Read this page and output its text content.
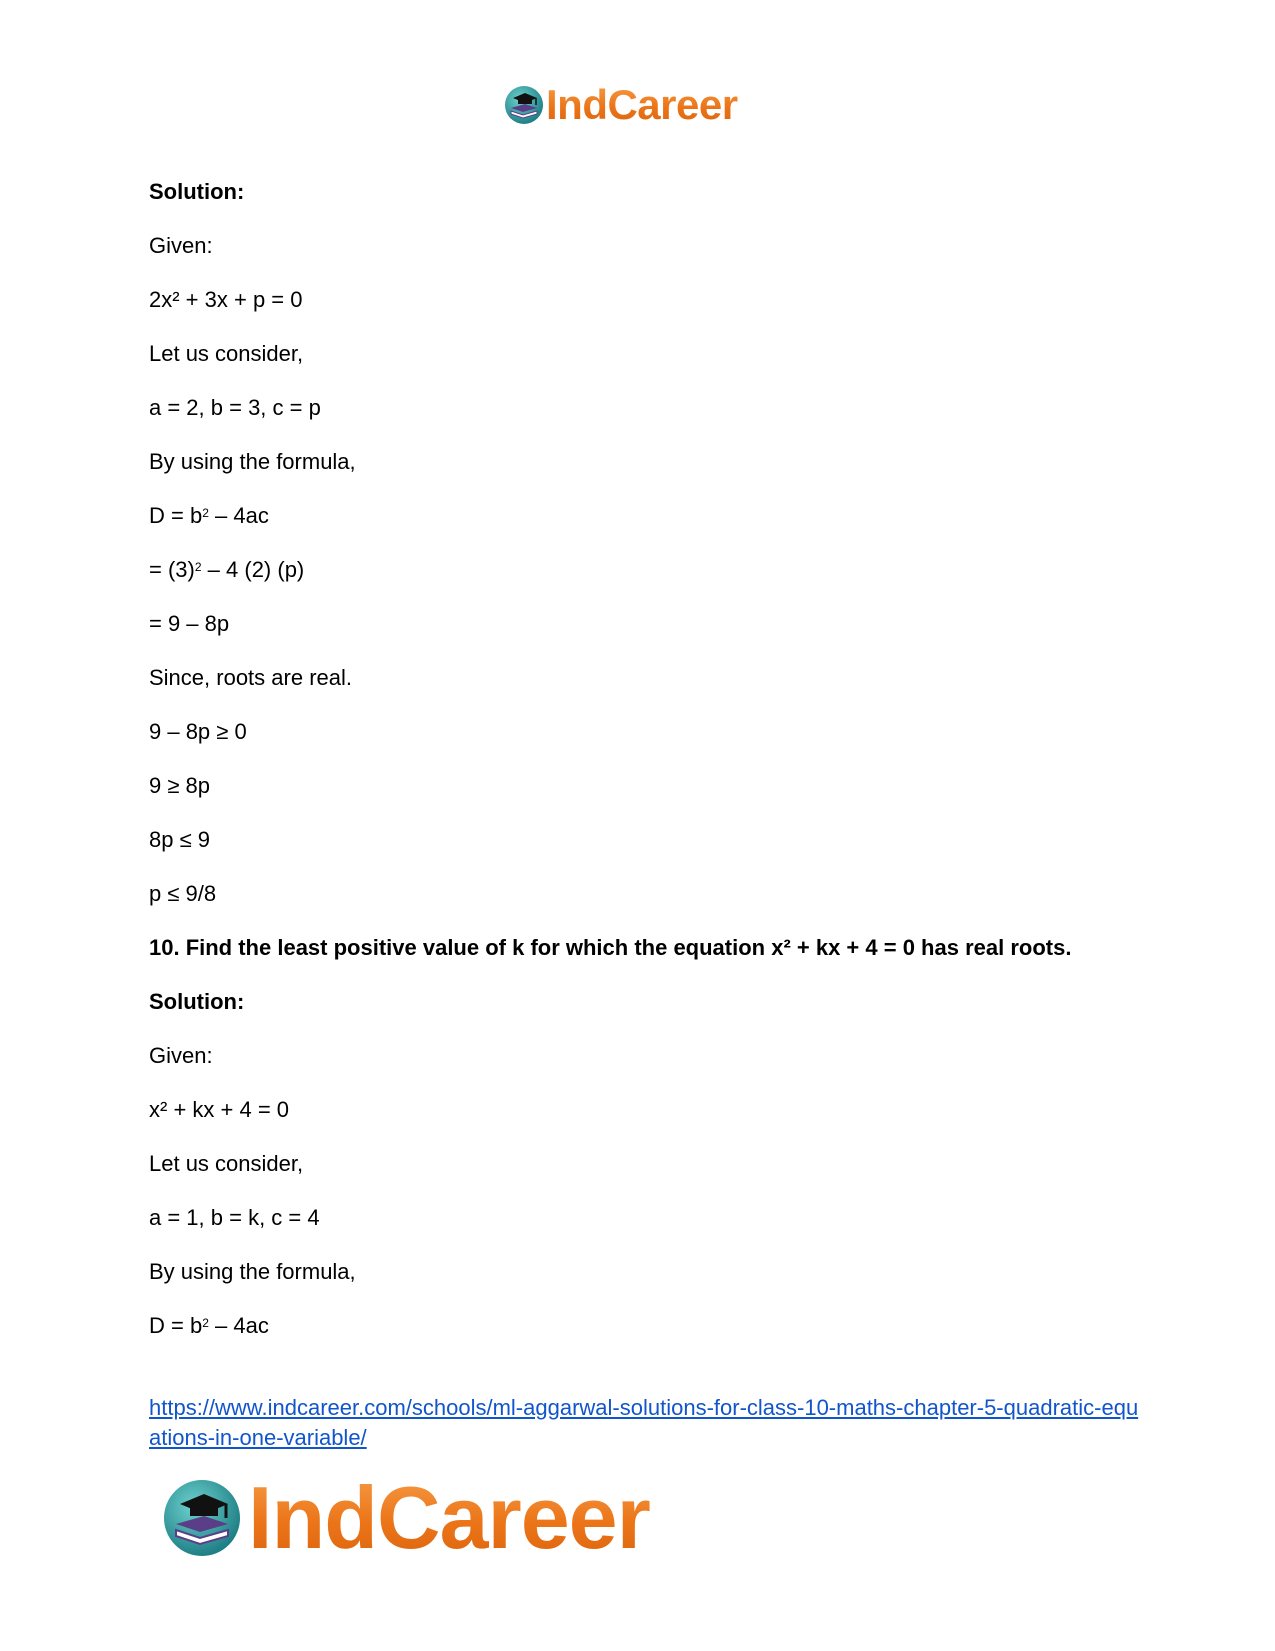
IndCareer
Solution:
Given:
2x² + 3x + p = 0
Let us consider,
a = 2, b = 3, c = p
By using the formula,
$D = b^2 - 4ac$
= $(3)^2 - 4$ (2) (p)
= 9 – 8p
Since, roots are real.
9 – 8p ≥ 0
9 ≥ 8p
8p ≤ 9
p ≤ 9/8
10. Find the least positive value of k for which the equation x² + kx + 4 = 0 has real roots.
Solution:
Given:
x² + kx + 4 = 0
Let us consider,
a = 1, b = k, c = 4
By using the formula,
$D = b^2 - 4ac$
https://www.indcareer.com/schools/ml-aggarwal-solutions-for-class-10-maths-chapter-5-quadratic-equations-in-one-variable/
IndCareer
